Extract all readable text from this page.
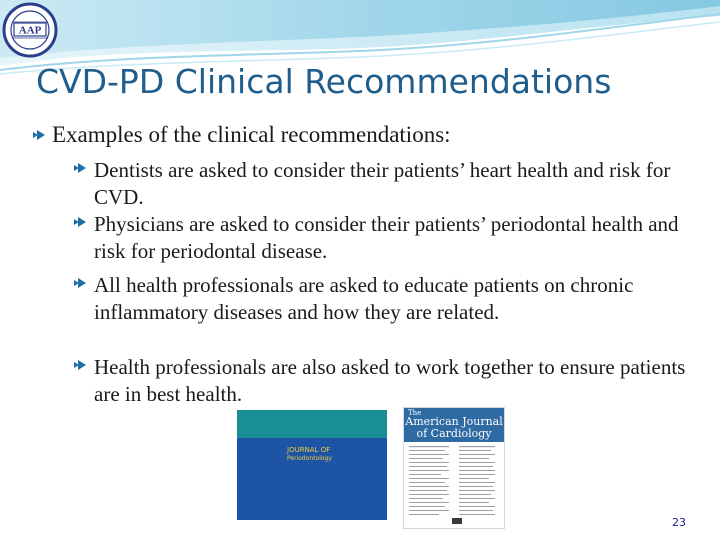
AAP
CVD-PD Clinical Recommendations

Examples of the clinical recommendations:

Dentists are asked to consider their patients’ heart health and risk for CVD.

Physicians are asked to consider their patients’ periodontal health and risk for periodontal disease.

All health professionals are asked to educate patients on chronic inflammatory diseases and how they are related.

Health professionals are also asked to work together to ensure patients are in best health.

JOURNAL OF
Periodontology
The
American Journal
of Cardiology
23
